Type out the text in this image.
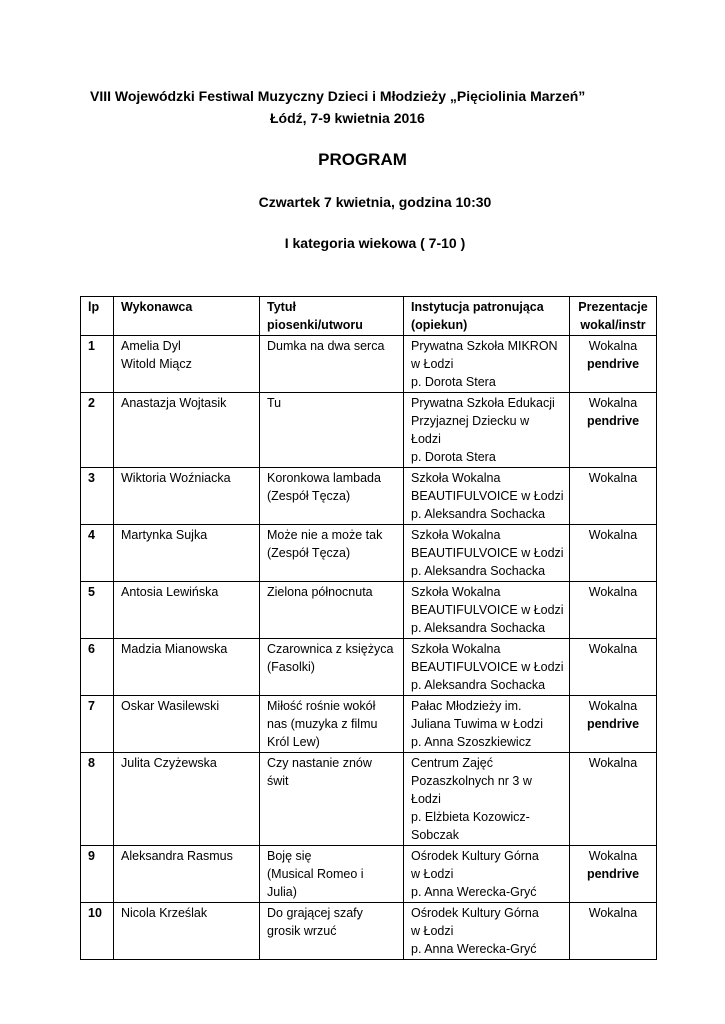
VIII Wojewódzki Festiwal Muzyczny Dzieci i Młodzieży „Pięciolinia Marzeń”
Łódź, 7-9 kwietnia 2016
PROGRAM
Czwartek 7 kwietnia, godzina 10:30
I kategoria wiekowa ( 7-10 )
lp	Wykonawca	Tytuł
piosenki/utworu	Instytucja patronująca
(opiekun)	Prezentacje
wokal/instr

1	Amelia Dyl
Witold Miącz	Dumka na dwa serca	Prywatna Szkoła MIKRON
w Łodzi
p. Dorota Stera	Wokalna
pendrive

2	Anastazja Wojtasik	Tu	Prywatna Szkoła Edukacji
Przyjaznej Dziecku w
Łodzi
p. Dorota Stera	Wokalna
pendrive

3	Wiktoria Woźniacka	Koronkowa lambada
(Zespół Tęcza)	Szkoła Wokalna
BEAUTIFULVOICE w Łodzi
p. Aleksandra Sochacka	Wokalna

4	Martynka Sujka	Może nie a może tak
(Zespół Tęcza)	Szkoła Wokalna
BEAUTIFULVOICE w Łodzi
p. Aleksandra Sochacka	Wokalna

5	Antosia Lewińska	Zielona północnuta	Szkoła Wokalna
BEAUTIFULVOICE w Łodzi
p. Aleksandra Sochacka	Wokalna

6	Madzia Mianowska	Czarownica z księżyca
(Fasolki)	Szkoła Wokalna
BEAUTIFULVOICE w Łodzi
p. Aleksandra Sochacka	Wokalna

7	Oskar Wasilewski	Miłość rośnie wokół
nas (muzyka z filmu
Król Lew)	Pałac Młodzieży im.
Juliana Tuwima w Łodzi
p. Anna Szoszkiewicz	Wokalna
pendrive

8	Julita Czyżewska	Czy nastanie znów
świt	Centrum Zajęć
Pozaszkolnych nr 3 w
Łodzi
p. Elżbieta Kozowicz-
Sobczak	Wokalna

9	Aleksandra Rasmus	Boję się
(Musical Romeo i
Julia)	Ośrodek Kultury Górna
w Łodzi
p. Anna Werecka-Gryć	Wokalna
pendrive

10	Nicola Krześlak	Do grającej szafy
grosik wrzuć	Ośrodek Kultury Górna
w Łodzi
p. Anna Werecka-Gryć	Wokalna
